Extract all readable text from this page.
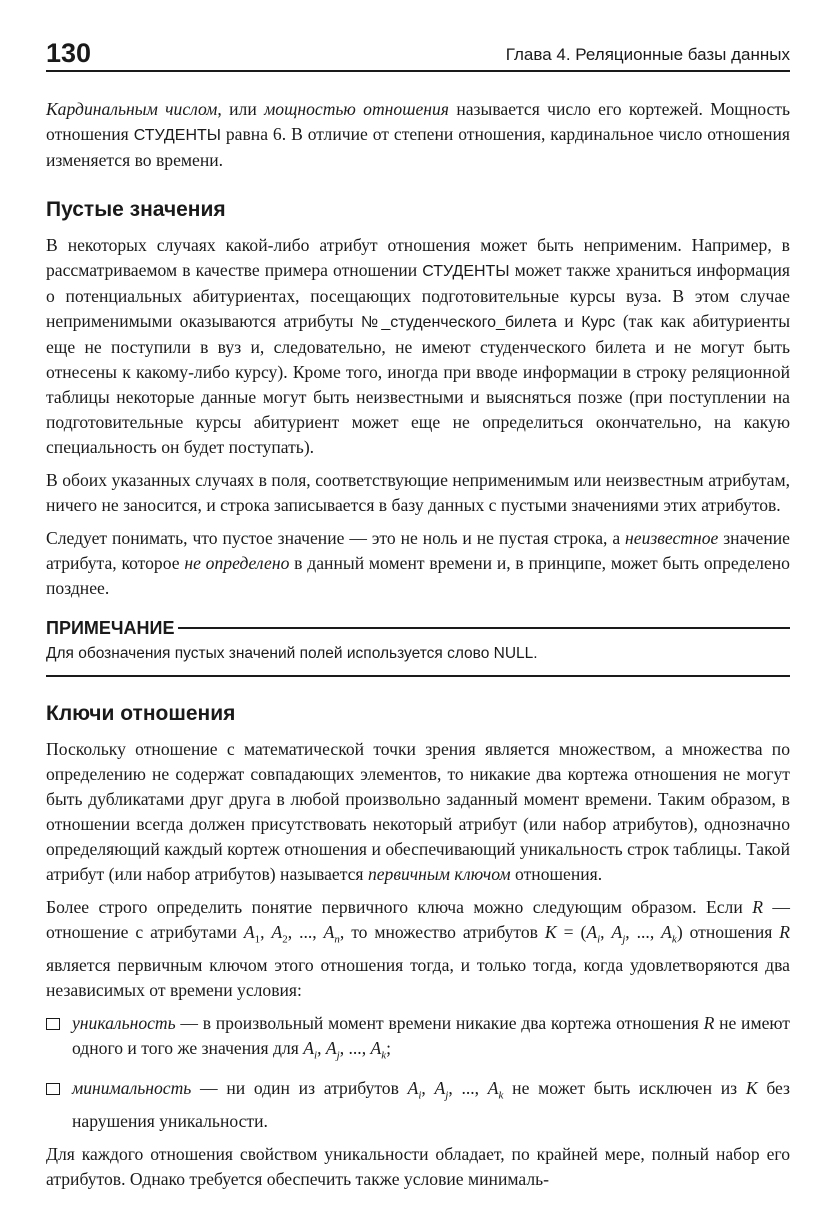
130	Глава 4. Реляционные базы данных

Кардинальным числом, или мощностью отношения называется число его кортежей. Мощность отношения СТУДЕНТЫ равна 6. В отличие от степени отношения, кардинальное число отношения изменяется во времени.

Пустые значения

В некоторых случаях какой-либо атрибут отношения может быть неприменим. Например, в рассматриваемом в качестве примера отношении СТУДЕНТЫ может также храниться информация о потенциальных абитуриентах, посещающих подготовительные курсы вуза. В этом случае неприменимыми оказываются атрибуты №_студенческого_билета и Курс (так как абитуриенты еще не поступили в вуз и, следовательно, не имеют студенческого билета и не могут быть отнесены к какому-либо курсу). Кроме того, иногда при вводе информации в строку реляционной таблицы некоторые данные могут быть неизвестными и выясняться позже (при поступлении на подготовительные курсы абитуриент может еще не определиться окончательно, на какую специальность он будет поступать).

В обоих указанных случаях в поля, соответствующие неприменимым или неизвестным атрибутам, ничего не заносится, и строка записывается в базу данных с пустыми значениями этих атрибутов.

Следует понимать, что пустое значение — это не ноль и не пустая строка, а неизвестное значение атрибута, которое не определено в данный момент времени и, в принципе, может быть определено позднее.

ПРИМЕЧАНИЕ
Для обозначения пустых значений полей используется слово NULL.
Ключи отношения

Поскольку отношение с математической точки зрения является множеством, а множества по определению не содержат совпадающих элементов, то никакие два кортежа отношения не могут быть дубликатами друг друга в любой произвольно заданный момент времени. Таким образом, в отношении всегда должен присутствовать некоторый атрибут (или набор атрибутов), однозначно определяющий каждый кортеж отношения и обеспечивающий уникальность строк таблицы. Такой атрибут (или набор атрибутов) называется первичным ключом отношения.

Более строго определить понятие первичного ключа можно следующим образом. Если R — отношение с атрибутами $A_1$, $A_2$, ..., $A_n$, то множество атрибутов $K = (A_i$, $A_j$, ..., $A_k$) отношения R является первичным ключом этого отношения тогда, и только тогда, когда удовлетворяются два независимых от времени условия:

уникальность — в произвольный момент времени никакие два кортежа отношения R не имеют одного и того же значения для $A_i$, $A_j$, ..., $A_k$;

минимальность — ни один из атрибутов $A_i$, $A_j$, ..., $A_k$ не может быть исключен из K без нарушения уникальности.

Для каждого отношения свойством уникальности обладает, по крайней мере, полный набор его атрибутов. Однако требуется обеспечить также условие минималь-
